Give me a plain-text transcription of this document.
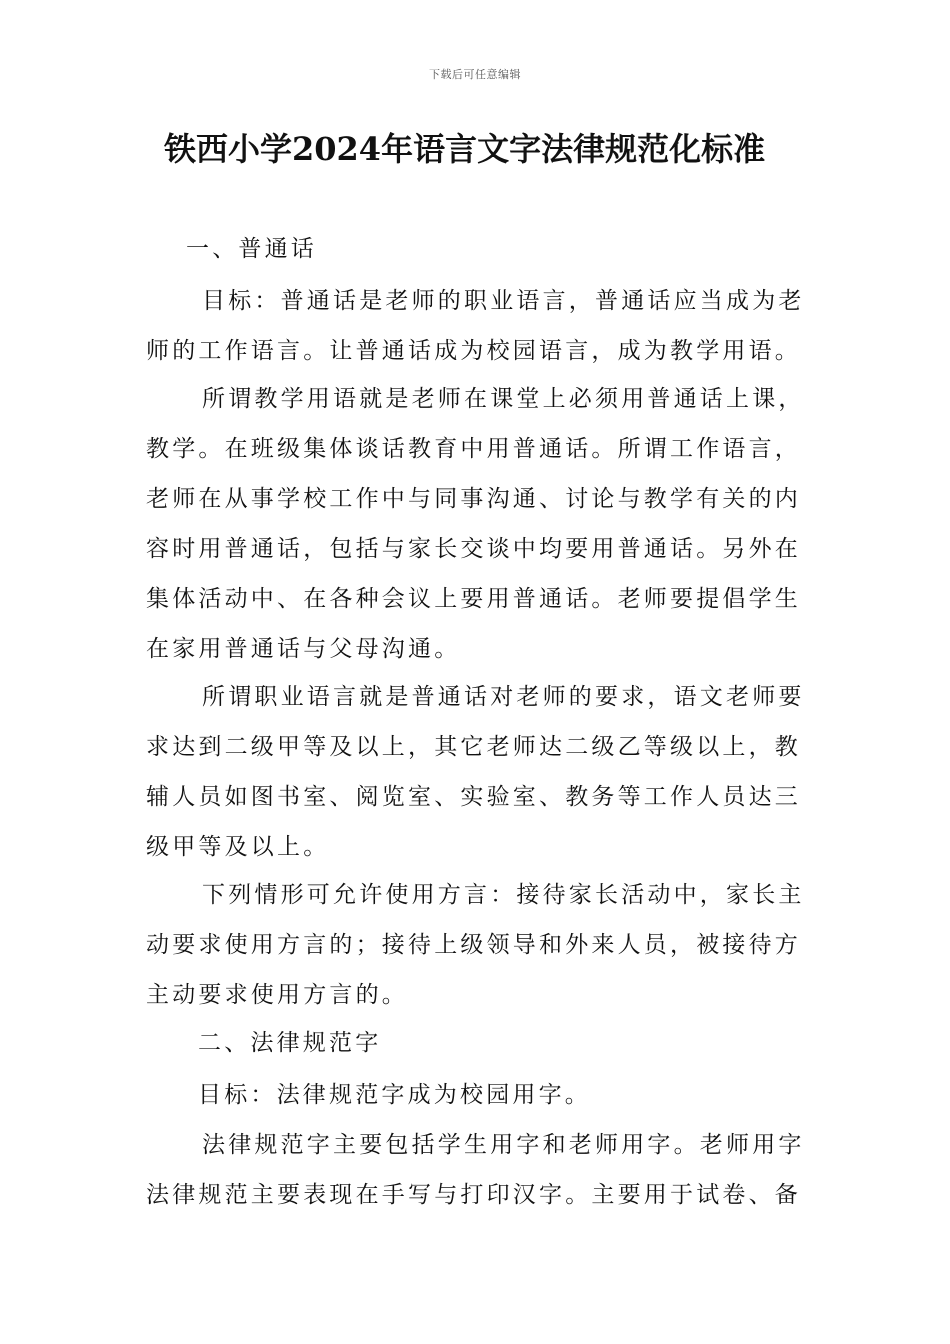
下载后可任意编辑
铁西小学2024年语言文字法律规范化标准

一、普通话

目标：普通话是老师的职业语言，普通话应当成为老师的工作语言。让普通话成为校园语言，成为教学用语。

所谓教学用语就是老师在课堂上必须用普通话上课，教学。在班级集体谈话教育中用普通话。所谓工作语言，老师在从事学校工作中与同事沟通、讨论与教学有关的内容时用普通话，包括与家长交谈中均要用普通话。另外在集体活动中、在各种会议上要用普通话。老师要提倡学生在家用普通话与父母沟通。

所谓职业语言就是普通话对老师的要求，语文老师要求达到二级甲等及以上，其它老师达二级乙等级以上，教辅人员如图书室、阅览室、实验室、教务等工作人员达三级甲等及以上。

下列情形可允许使用方言：接待家长活动中，家长主动要求使用方言的；接待上级领导和外来人员，被接待方主动要求使用方言的。

二、法律规范字

目标：法律规范字成为校园用字。

法律规范字主要包括学生用字和老师用字。老师用字法律规范主要表现在手写与打印汉字。主要用于试卷、备
